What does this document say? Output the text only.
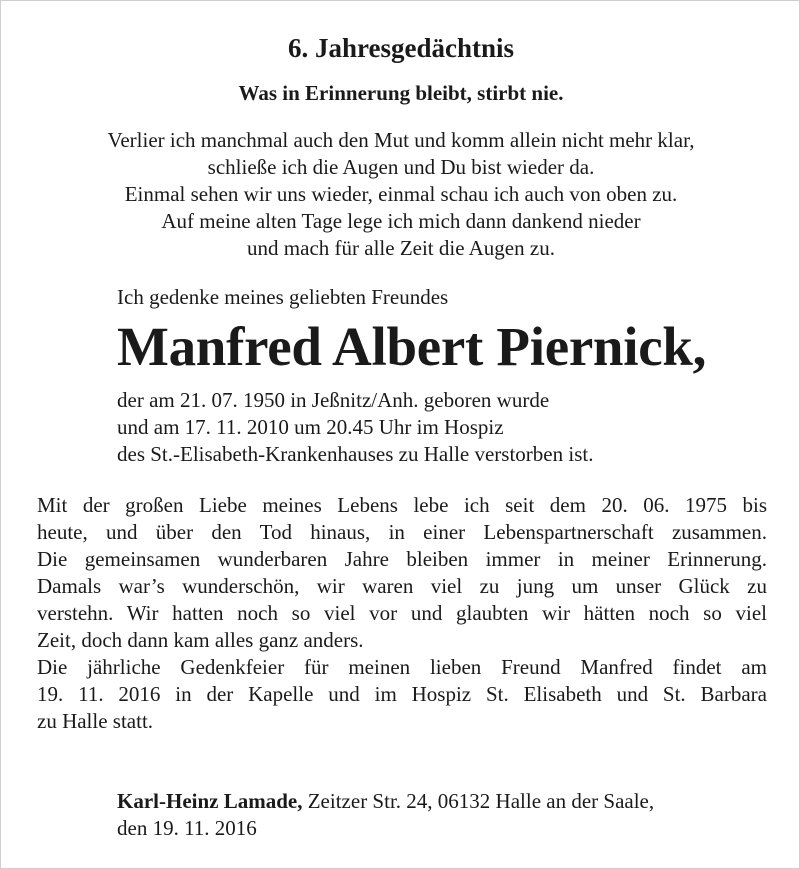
6. Jahresgedächtnis
Was in Erinnerung bleibt, stirbt nie.
Verlier ich manchmal auch den Mut und komm allein nicht mehr klar,
schließe ich die Augen und Du bist wieder da.
Einmal sehen wir uns wieder, einmal schau ich auch von oben zu.
Auf meine alten Tage lege ich mich dann dankend nieder
und mach für alle Zeit die Augen zu.
Ich gedenke meines geliebten Freundes
Manfred Albert Piernick,
der am 21. 07. 1950 in Jeßnitz/Anh. geboren wurde
und am 17. 11. 2010 um 20.45 Uhr im Hospiz
des St.-Elisabeth-Krankenhauses zu Halle verstorben ist.
Mit der großen Liebe meines Lebens lebe ich seit dem 20. 06. 1975 bis
heute, und über den Tod hinaus, in einer Lebenspartnerschaft zusammen.
Die gemeinsamen wunderbaren Jahre bleiben immer in meiner Erinnerung.
Damals war’s wunderschön, wir waren viel zu jung um unser Glück zu
verstehn. Wir hatten noch so viel vor und glaubten wir hätten noch so viel
Zeit, doch dann kam alles ganz anders.
Die jährliche Gedenkfeier für meinen lieben Freund Manfred findet am
19. 11. 2016 in der Kapelle und im Hospiz St. Elisabeth und St. Barbara
zu Halle statt.
Karl-Heinz Lamade, Zeitzer Str. 24, 06132 Halle an der Saale,
den 19. 11. 2016
